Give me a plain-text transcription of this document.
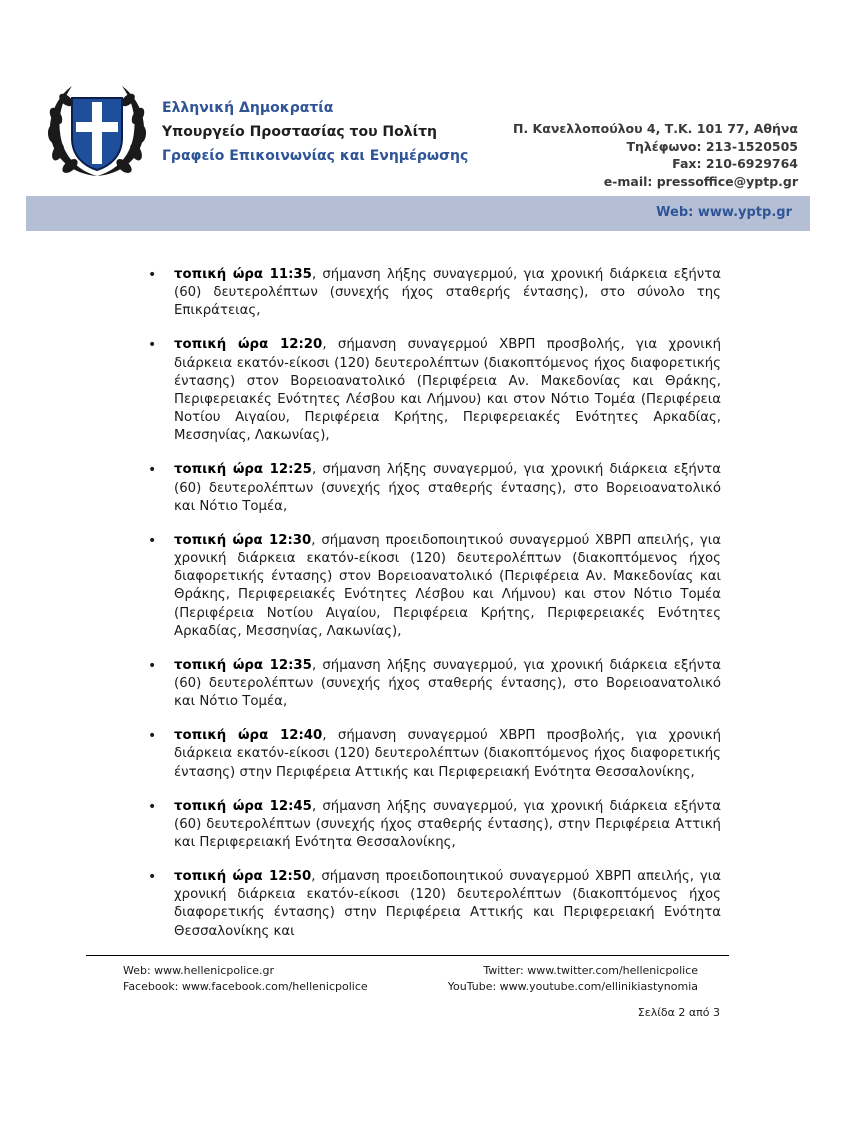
Ελληνική Δημοκρατία
Υπουργείο Προστασίας του Πολίτη
Γραφείο Επικοινωνίας και Ενημέρωσης
Π. Κανελλοπούλου 4, Τ.Κ. 101 77, Αθήνα
Τηλέφωνο: 213-1520505
Fax: 210-6929764
e-mail: pressoffice@yptp.gr
Web: www.yptp.gr
• τοπική ώρα 11:35, σήμανση λήξης συναγερμού, για χρονική διάρκεια εξήντα (60) δευτερολέπτων (συνεχής ήχος σταθερής έντασης), στο σύνολο της Επικράτειας,
• τοπική ώρα 12:20, σήμανση συναγερμού ΧΒΡΠ προσβολής, για χρονική διάρκεια εκατόν-είκοσι (120) δευτερολέπτων (διακοπτόμενος ήχος διαφορετικής έντασης) στον Βορειοανατολικό (Περιφέρεια Αν. Μακεδονίας και Θράκης, Περιφερειακές Ενότητες Λέσβου και Λήμνου) και στον Νότιο Τομέα (Περιφέρεια Νοτίου Αιγαίου, Περιφέρεια Κρήτης, Περιφερειακές Ενότητες Αρκαδίας, Μεσσηνίας, Λακωνίας),
• τοπική ώρα 12:25, σήμανση λήξης συναγερμού, για χρονική διάρκεια εξήντα (60) δευτερολέπτων (συνεχής ήχος σταθερής έντασης), στο Βορειοανατολικό και Νότιο Τομέα,
• τοπική ώρα 12:30, σήμανση προειδοποιητικού συναγερμού ΧΒΡΠ απειλής, για χρονική διάρκεια εκατόν-είκοσι (120) δευτερολέπτων (διακοπτόμενος ήχος διαφορετικής έντασης) στον Βορειοανατολικό (Περιφέρεια Αν. Μακεδονίας και Θράκης, Περιφερειακές Ενότητες Λέσβου και Λήμνου) και στον Νότιο Τομέα (Περιφέρεια Νοτίου Αιγαίου, Περιφέρεια Κρήτης, Περιφερειακές Ενότητες Αρκαδίας, Μεσσηνίας, Λακωνίας),
• τοπική ώρα 12:35, σήμανση λήξης συναγερμού, για χρονική διάρκεια εξήντα (60) δευτερολέπτων (συνεχής ήχος σταθερής έντασης), στο Βορειοανατολικό και Νότιο Τομέα,
• τοπική ώρα 12:40, σήμανση συναγερμού ΧΒΡΠ προσβολής, για χρονική διάρκεια εκατόν-είκοσι (120) δευτερολέπτων (διακοπτόμενος ήχος διαφορετικής έντασης) στην Περιφέρεια Αττικής και Περιφερειακή Ενότητα Θεσσαλονίκης,
• τοπική ώρα 12:45, σήμανση λήξης συναγερμού, για χρονική διάρκεια εξήντα (60) δευτερολέπτων (συνεχής ήχος σταθερής έντασης), στην Περιφέρεια Αττική και Περιφερειακή Ενότητα Θεσσαλονίκης,
• τοπική ώρα 12:50, σήμανση προειδοποιητικού συναγερμού ΧΒΡΠ απειλής, για χρονική διάρκεια εκατόν-είκοσι (120) δευτερολέπτων (διακοπτόμενος ήχος διαφορετικής έντασης) στην Περιφέρεια Αττικής και Περιφερειακή Ενότητα Θεσσαλονίκης και
Web: www.hellenicpolice.gr
Facebook: www.facebook.com/hellenicpolice
Twitter: www.twitter.com/hellenicpolice
YouTube: www.youtube.com/ellinikiastynomia
Σελίδα 2 από 3
